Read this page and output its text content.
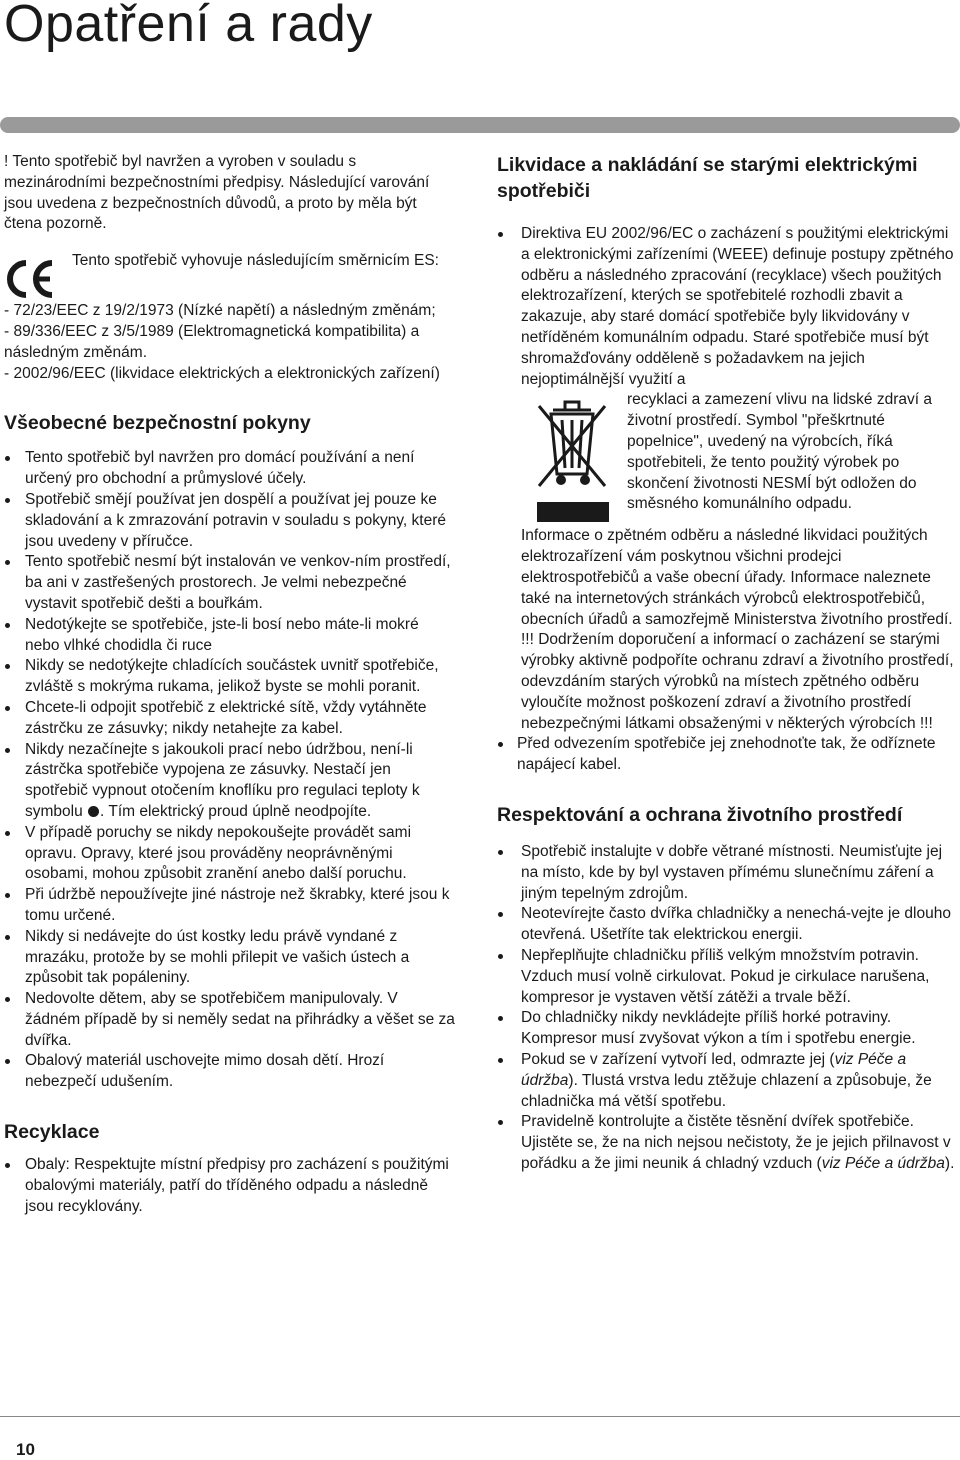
Opatření a rady

! Tento spotřebič byl navržen a vyroben v souladu s mezinárodními bezpečnostními předpisy. Následující varování jsou uvedena z bezpečnostních důvodů, a proto by měla být čtena pozorně.

Tento spotřebič vyhovuje následujícím směrnicím ES:

- 72/23/EEC z 19/2/1973 (Nízké napětí) a následným změnám;

- 89/336/EEC z 3/5/1989 (Elektromagnetická kompatibilita) a následným změnám.

- 2002/96/EEC (likvidace elektrických a elektronických zařízení)

Všeobecné bezpečnostní pokyny
Tento spotřebič byl navržen pro domácí používání a není určený pro obchodní a průmyslové účely.
Spotřebič smějí používat jen dospělí a používat jej pouze ke skladování a k zmrazování potravin v souladu s pokyny, které jsou uvedeny v příručce.
Tento spotřebič nesmí být instalován ve venkov-ním prostředí, ba ani v zastřešených prostorech. Je velmi nebezpečné vystavit spotřebič dešti a bouřkám.
Nedotýkejte se spotřebiče, jste-li bosí nebo máte-li mokré nebo vlhké chodidla či ruce
Nikdy se nedotýkejte chladících součástek uvnitř spotřebiče, zvláště s mokrýma rukama, jelikož byste se mohli poranit.
Chcete-li odpojit spotřebič z elektrické sítě, vždy vytáhněte zástrčku ze zásuvky; nikdy netahejte za kabel.
Nikdy nezačínejte s jakoukoli prací nebo údržbou, není-li zástrčka spotřebiče vypojena ze zásuvky. Nestačí jen spotřebič vypnout otočením knoflíku pro regulaci teploty k symbolu . Tím elektrický proud úplně neodpojíte.
V případě poruchy se nikdy nepokoušejte provádět sami opravu. Opravy, které jsou prováděny neoprávněnými osobami, mohou způsobit zranění anebo další poruchu.
Při údržbě nepoužívejte jiné nástroje než škrabky, které jsou k tomu určené.
Nikdy si nedávejte do úst kostky ledu právě vyndané z mrazáku, protože by se mohli přilepit ve vašich ústech a způsobit tak popáleniny.
Nedovolte dětem, aby se spotřebičem manipulovaly. V žádném případě by si neměly sedat na přihrádky a věšet se za dvířka.
Obalový materiál uschovejte mimo dosah dětí. Hrozí nebezpečí udušením.
Recyklace
Obaly: Respektujte místní předpisy pro zacházení s použitými obalovými materiály, patří do tříděného odpadu a následně jsou recyklovány.
Likvidace a nakládání se starými elektrickými spotřebiči
Direktiva EU 2002/96/EC o zacházení s použitými elektrickými a elektronickými zařízeními (WEEE) definuje postupy zpětného odběru a následného zpracování (recyklace) všech použitých elektrozařízení, kterých se spotřebitelé rozhodli zbavit a zakazuje, aby staré domácí spotřebiče byly likvidovány v netříděném komunálním odpadu. Staré spotřebiče musí být shromažďovány odděleně s požadavkem na jejich nejoptimálnější využití a

recyklaci a zamezení vlivu na lidské zdraví a životní prostředí. Symbol "přeškrtnuté popelnice", uvedený na výrobcích, říká spotřebiteli, že tento použitý výrobek po skončení životnosti NESMÍ být odložen do směsného komunálního odpadu.

Informace o zpětném odběru a následné likvidaci použitých elektrozařízení vám poskytnou všichni prodejci elektrospotřebičů a vaše obecní úřady. Informace naleznete také na internetových stránkách výrobců elektrospotřebičů, obecních úřadů a samozřejmě Ministerstva životního prostředí.

!!! Dodržením doporučení a informací o zacházení se starými výrobky aktivně podpoříte ochranu zdraví a životního prostředí, odevzdáním starých výrobků na místech zpětného odběru vyloučíte možnost poškození zdraví a životního prostředí nebezpečnými látkami obsaženými v některých výrobcích !!!

Před odvezením spotřebiče jej znehodnoťte tak, že odříznete napájecí kabel.
Respektování a ochrana životního prostředí
Spotřebič instalujte v dobře větrané místnosti. Neumisťujte jej na místo, kde by byl vystaven přímému slunečnímu záření a jiným tepelným zdrojům.
Neotevírejte často dvířka chladničky a nenechá-vejte je dlouho otevřená. Ušetříte tak elektrickou energii.
Nepřeplňujte chladničku příliš velkým množstvím potravin. Vzduch musí volně cirkulovat. Pokud je cirkulace narušena, kompresor je vystaven větší zátěži a trvale běží.
Do chladničky nikdy nevkládejte příliš horké potraviny. Kompresor musí zvyšovat výkon a tím i spotřebu energie.
Pokud se v zařízení vytvoří led, odmrazte jej (viz Péče a údržba). Tlustá vrstva ledu ztěžuje chlazení a způsobuje, že chladnička má větší spotřebu.
Pravidelně kontrolujte a čistěte těsnění dvířek spotřebiče. Ujistěte se, že na nich nejsou nečistoty, že je jejich přilnavost v pořádku a že jimi neunik á chladný vzduch (viz Péče a údržba).
10
